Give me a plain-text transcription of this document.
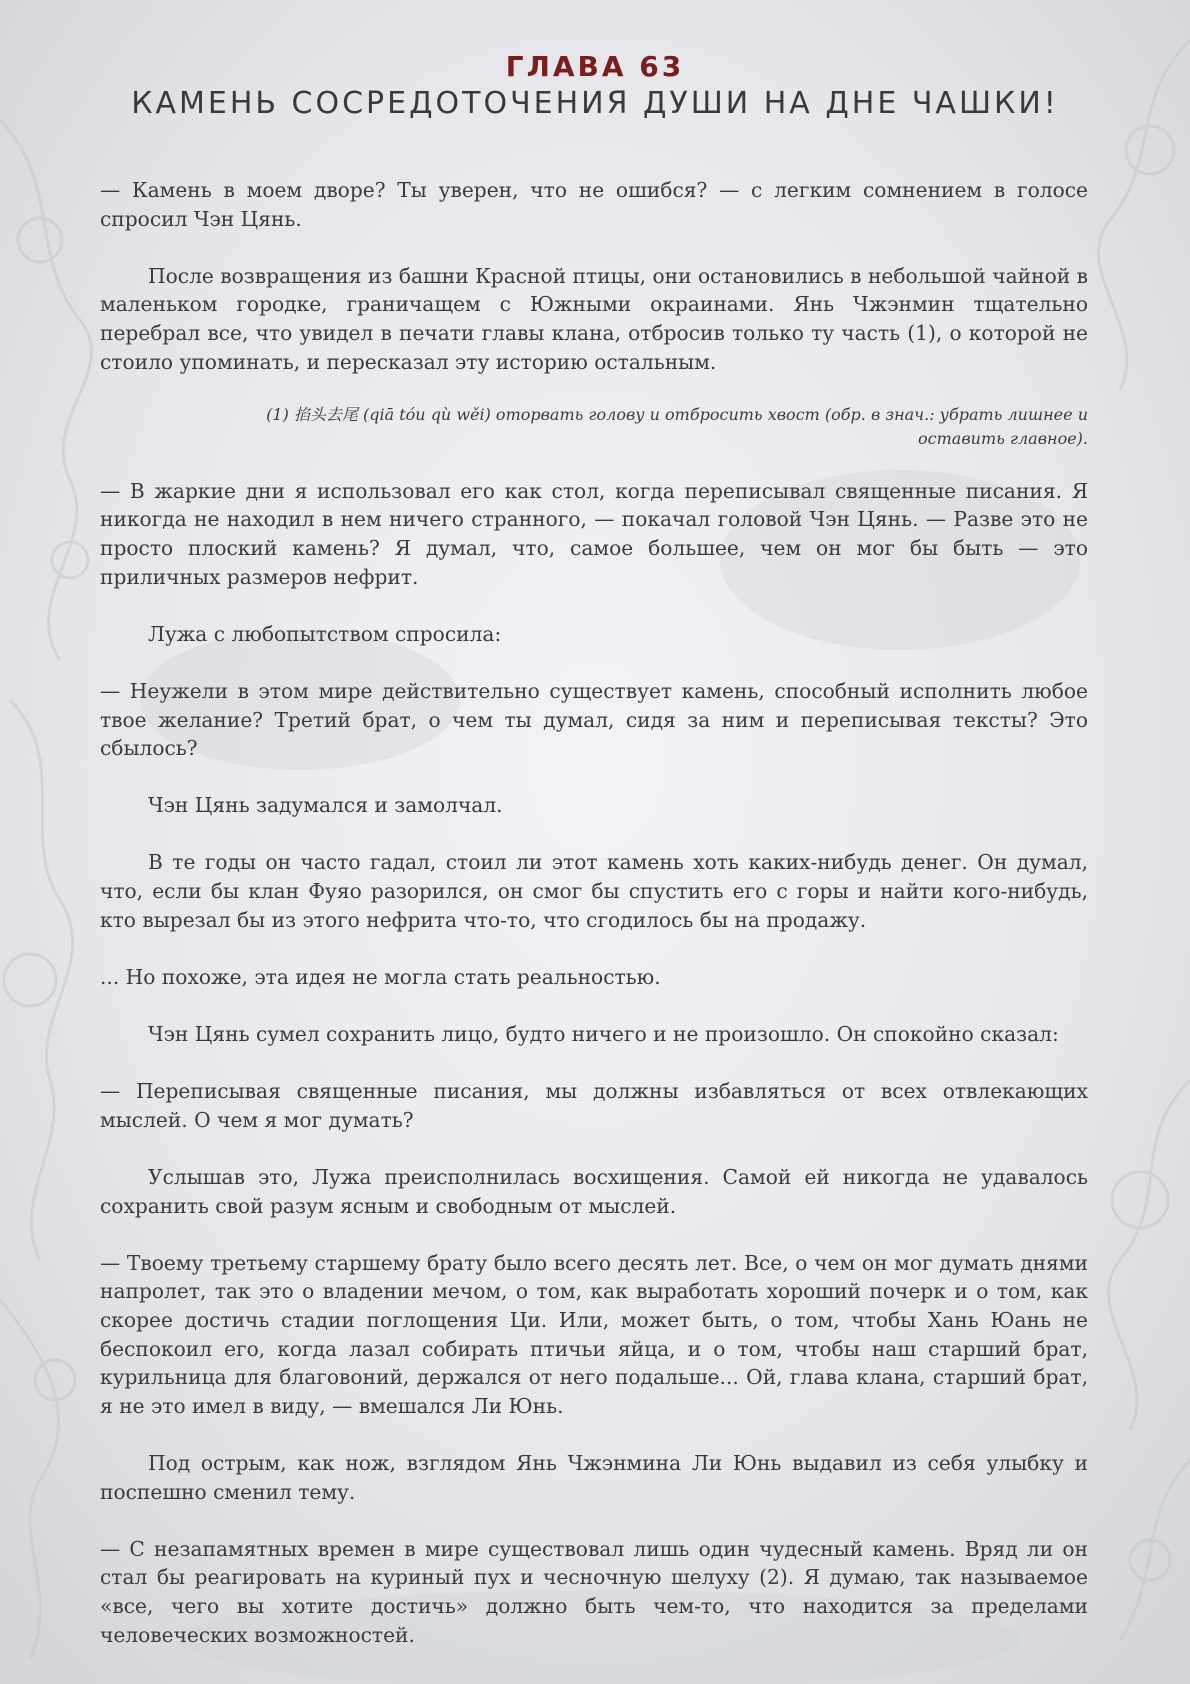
ГЛАВА 63
КАМЕНЬ СОСРЕДОТОЧЕНИЯ ДУШИ НА ДНЕ ЧАШКИ!

— Камень в моем дворе? Ты уверен, что не ошибся? — с легким сомнением в голосе спросил Чэн Цянь.

После возвращения из башни Красной птицы, они остановились в небольшой чайной в маленьком городке, граничащем с Южными окраинами. Янь Чжэнмин тщательно перебрал все, что увидел в печати главы клана, отбросив только ту часть (1), о которой не стоило упоминать, и пересказал эту историю остальным.

(1) 掐头去尾 (qiā tóu qù wěi) оторвать голову и отбросить хвост (обр. в знач.: убрать лишнее и оставить главное).

— В жаркие дни я использовал его как стол, когда переписывал священные писания. Я никогда не находил в нем ничего странного, — покачал головой Чэн Цянь. — Разве это не просто плоский камень? Я думал, что, самое большее, чем он мог бы быть — это приличных размеров нефрит.

Лужа с любопытством спросила:

— Неужели в этом мире действительно существует камень, способный исполнить любое твое желание? Третий брат, о чем ты думал, сидя за ним и переписывая тексты? Это сбылось?

Чэн Цянь задумался и замолчал.

В те годы он часто гадал, стоил ли этот камень хоть каких-нибудь денег. Он думал, что, если бы клан Фуяо разорился, он смог бы спустить его с горы и найти кого-нибудь, кто вырезал бы из этого нефрита что-то, что сгодилось бы на продажу.

... Но похоже, эта идея не могла стать реальностью.

Чэн Цянь сумел сохранить лицо, будто ничего и не произошло. Он спокойно сказал:

— Переписывая священные писания, мы должны избавляться от всех отвлекающих мыслей. О чем я мог думать?

Услышав это, Лужа преисполнилась восхищения. Самой ей никогда не удавалось сохранить свой разум ясным и свободным от мыслей.

— Твоему третьему старшему брату было всего десять лет. Все, о чем он мог думать днями напролет, так это о владении мечом, о том, как выработать хороший почерк и о том, как скорее достичь стадии поглощения Ци. Или, может быть, о том, чтобы Хань Юань не беспокоил его, когда лазал собирать птичьи яйца, и о том, чтобы наш старший брат, курильница для благовоний, держался от него подальше... Ой, глава клана, старший брат, я не это имел в виду, — вмешался Ли Юнь.

Под острым, как нож, взглядом Янь Чжэнмина Ли Юнь выдавил из себя улыбку и поспешно сменил тему.

— С незапамятных времен в мире существовал лишь один чудесный камень. Вряд ли он стал бы реагировать на куриный пух и чесночную шелуху (2). Я думаю, так называемое «все, чего вы хотите достичь» должно быть чем-то, что находится за пределами человеческих возможностей.
